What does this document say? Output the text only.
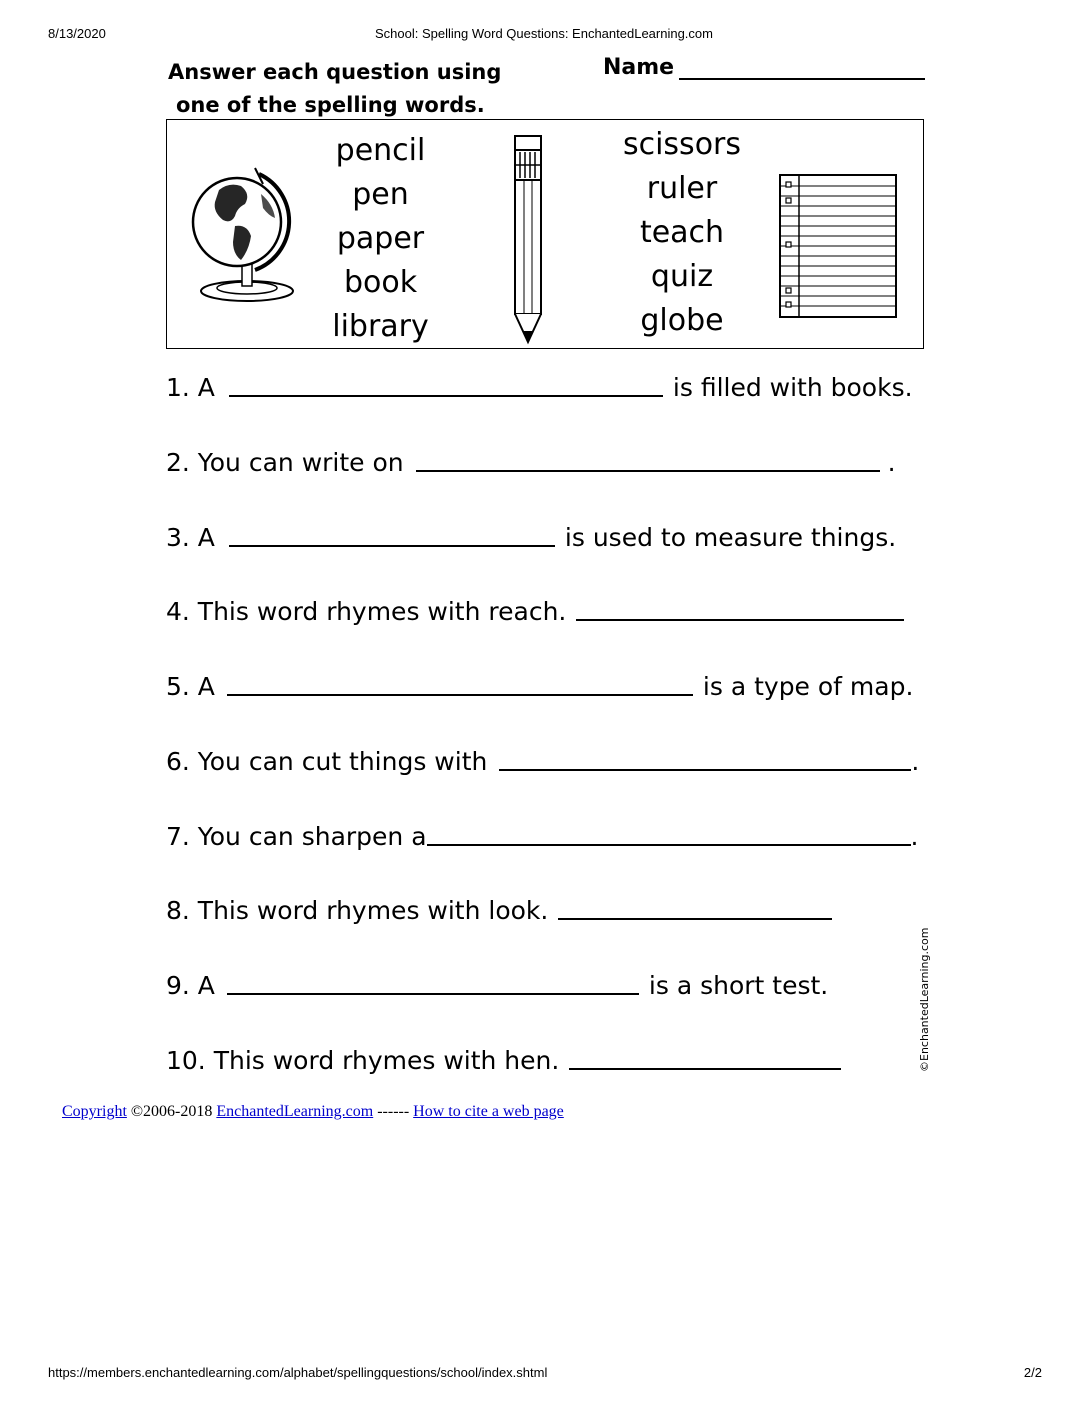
8/13/2020	School: Spelling Word Questions: EnchantedLearning.com
Answer each question using
one of the spelling words.
Name
pencil
pen
paper
book
library
scissors
ruler
teach
quiz
globe
1. A	is filled with books.
2. You can write on	.
3. A	is used to measure things.
4. This word rhymes with reach.
5. A	is a type of map.
6. You can cut things with	.
7. You can sharpen a	.
8. This word rhymes with look.
9. A	is a short test.
10. This word rhymes with hen.	©EnchantedLearning.com
Copyright ©2006-2018 EnchantedLearning.com ------ How to cite a web page
https://members.enchantedlearning.com/alphabet/spellingquestions/school/index.shtml	2/2
